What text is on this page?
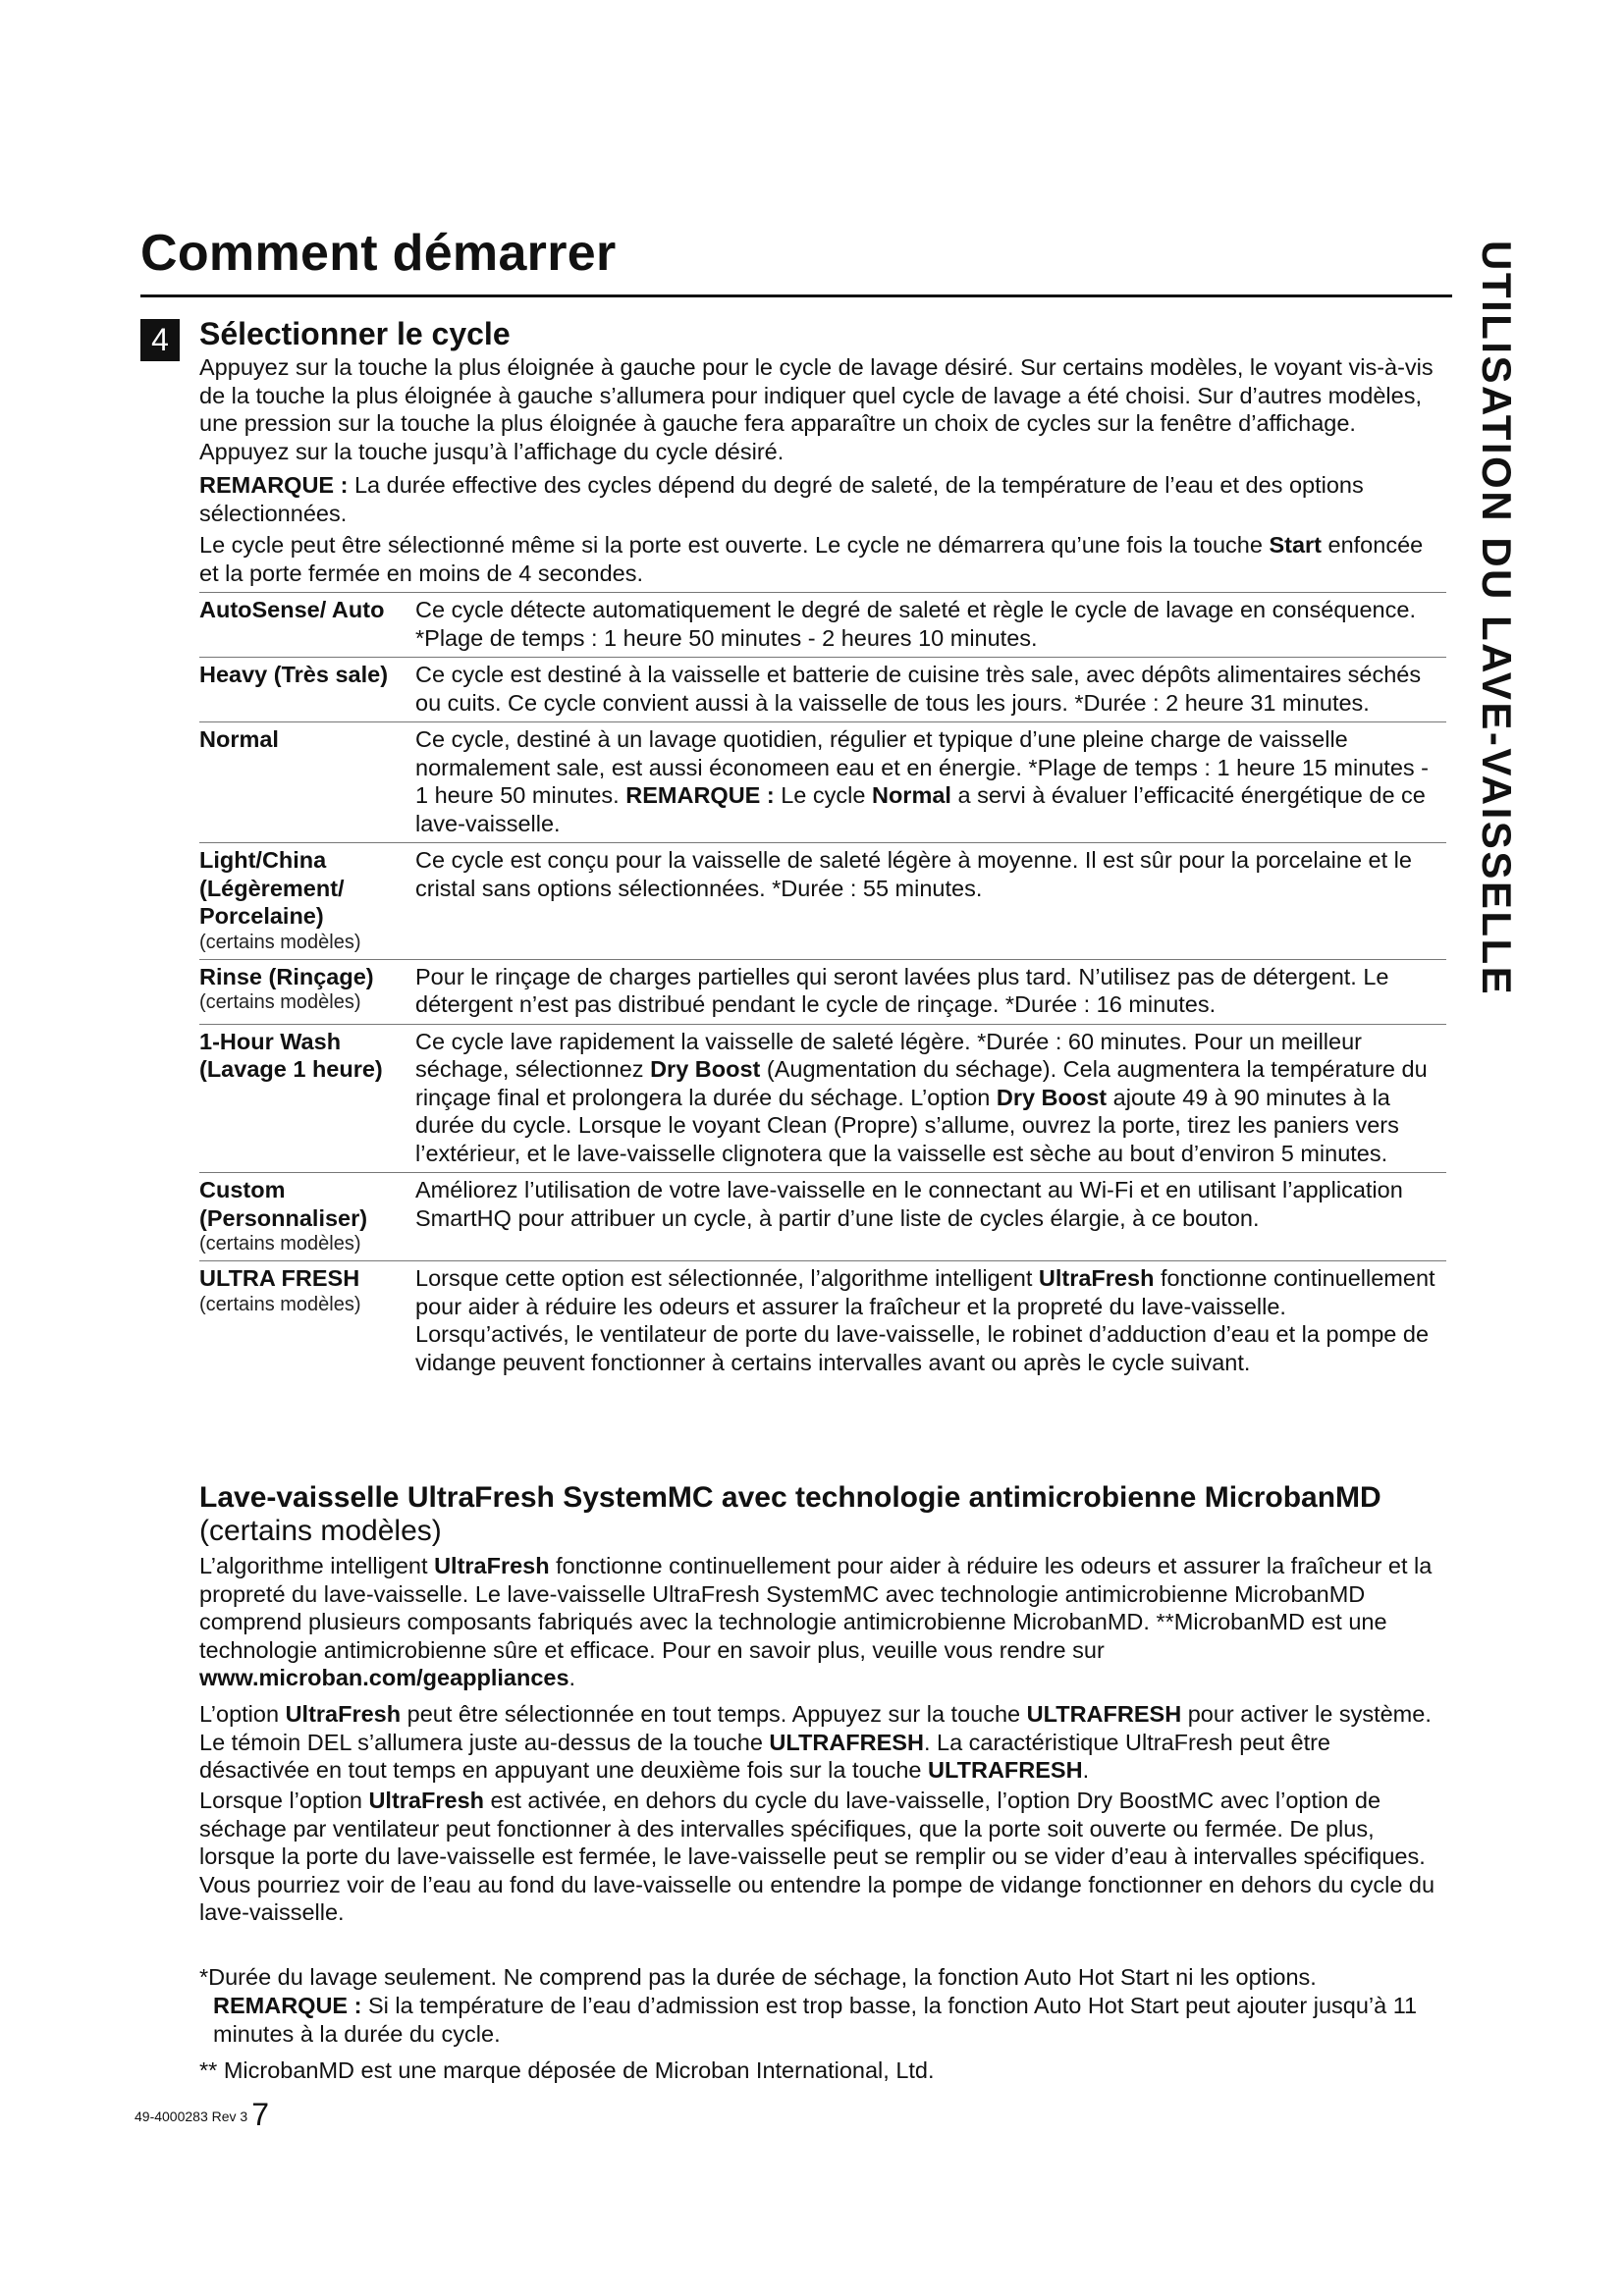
Comment démarrer	UTILISATION DU LAVE-VAISSELLE
4 Sélectionner le cycle
Appuyez sur la touche la plus éloignée à gauche pour le cycle de lavage désiré. Sur certains modèles, le voyant vis-à-vis de la touche la plus éloignée à gauche s’allumera pour indiquer quel cycle de lavage a été choisi. Sur d’autres modèles, une pression sur la touche la plus éloignée à gauche fera apparaître un choix de cycles sur la fenêtre d’affichage. Appuyez sur la touche jusqu’à l’affichage du cycle désiré.
REMARQUE : La durée effective des cycles dépend du degré de saleté, de la température de l’eau et des options sélectionnées.
Le cycle peut être sélectionné même si la porte est ouverte. Le cycle ne démarrera qu’une fois la touche Start enfoncée et la porte fermée en moins de 4 secondes.
AutoSense/ Auto	Ce cycle détecte automatiquement le degré de saleté et règle le cycle de lavage en conséquence. *Plage de temps : 1 heure 50 minutes - 2 heures 10 minutes.
Heavy (Très sale)	Ce cycle est destiné à la vaisselle et batterie de cuisine très sale, avec dépôts alimentaires séchés ou cuits. Ce cycle convient aussi à la vaisselle de tous les jours. *Durée : 2 heure 31 minutes.
Normal	Ce cycle, destiné à un lavage quotidien, régulier et typique d’une pleine charge de vaisselle normalement sale, est aussi économeen eau et en énergie. *Plage de temps : 1 heure 15 minutes - 1 heure 50 minutes. REMARQUE : Le cycle Normal a servi à évaluer l’efficacité énergétique de ce lave-vaisselle.
Light/China (Légèrement/ Porcelaine)
(certains modèles)	Ce cycle est conçu pour la vaisselle de saleté légère à moyenne. Il est sûr pour la porcelaine et le cristal sans options sélectionnées. *Durée : 55 minutes.
Rinse (Rinçage)
(certains modèles)	Pour le rinçage de charges partielles qui seront lavées plus tard. N’utilisez pas de détergent. Le détergent n’est pas distribué pendant le cycle de rinçage. *Durée : 16 minutes.
1-Hour Wash (Lavage 1 heure)	Ce cycle lave rapidement la vaisselle de saleté légère. *Durée : 60 minutes. Pour un meilleur séchage, sélectionnez Dry Boost (Augmentation du séchage). Cela augmentera la température du rinçage final et prolongera la durée du séchage. L’option Dry Boost ajoute 49 à 90 minutes à la durée du cycle. Lorsque le voyant Clean (Propre) s’allume, ouvrez la porte, tirez les paniers vers l’extérieur, et le lave-vaisselle clignotera que la vaisselle est sèche au bout d’environ 5 minutes.
Custom (Personnaliser)
(certains modèles)	Améliorez l’utilisation de votre lave-vaisselle en le connectant au Wi-Fi et en utilisant l’application SmartHQ pour attribuer un cycle, à partir d’une liste de cycles élargie, à ce bouton.
ULTRA FRESH
(certains modèles)	Lorsque cette option est sélectionnée, l’algorithme intelligent UltraFresh fonctionne continuellement pour aider à réduire les odeurs et assurer la fraîcheur et la propreté du lave-vaisselle. Lorsqu’activés, le ventilateur de porte du lave-vaisselle, le robinet d’adduction d’eau et la pompe de vidange peuvent fonctionner à certains intervalles avant ou après le cycle suivant.
Lave-vaisselle UltraFresh SystemMC avec technologie antimicrobienne MicrobanMD
(certains modèles)
L’algorithme intelligent UltraFresh fonctionne continuellement pour aider à réduire les odeurs et assurer la fraîcheur et la propreté du lave-vaisselle. Le lave-vaisselle UltraFresh SystemMC avec technologie antimicrobienne MicrobanMD comprend plusieurs composants fabriqués avec la technologie antimicrobienne MicrobanMD. **MicrobanMD est une technologie antimicrobienne sûre et efficace. Pour en savoir plus, veuille vous rendre sur www.microban.com/geappliances.
L’option UltraFresh peut être sélectionnée en tout temps. Appuyez sur la touche ULTRAFRESH pour activer le système. Le témoin DEL s’allumera juste au-dessus de la touche ULTRAFRESH. La caractéristique UltraFresh peut être désactivée en tout temps en appuyant une deuxième fois sur la touche ULTRAFRESH.
Lorsque l’option UltraFresh est activée, en dehors du cycle du lave-vaisselle, l’option Dry BoostMC avec l’option de séchage par ventilateur peut fonctionner à des intervalles spécifiques, que la porte soit ouverte ou fermée. De plus, lorsque la porte du lave-vaisselle est fermée, le lave-vaisselle peut se remplir ou se vider d’eau à intervalles spécifiques. Vous pourriez voir de l’eau au fond du lave-vaisselle ou entendre la pompe de vidange fonctionner en dehors du cycle du lave-vaisselle.
*Durée du lavage seulement. Ne comprend pas la durée de séchage, la fonction Auto Hot Start ni les options.
REMARQUE : Si la température de l’eau d’admission est trop basse, la fonction Auto Hot Start peut ajouter jusqu’à 11 minutes à la durée du cycle.
** MicrobanMD est une marque déposée de Microban International, Ltd.
49-4000283 Rev 3 7
